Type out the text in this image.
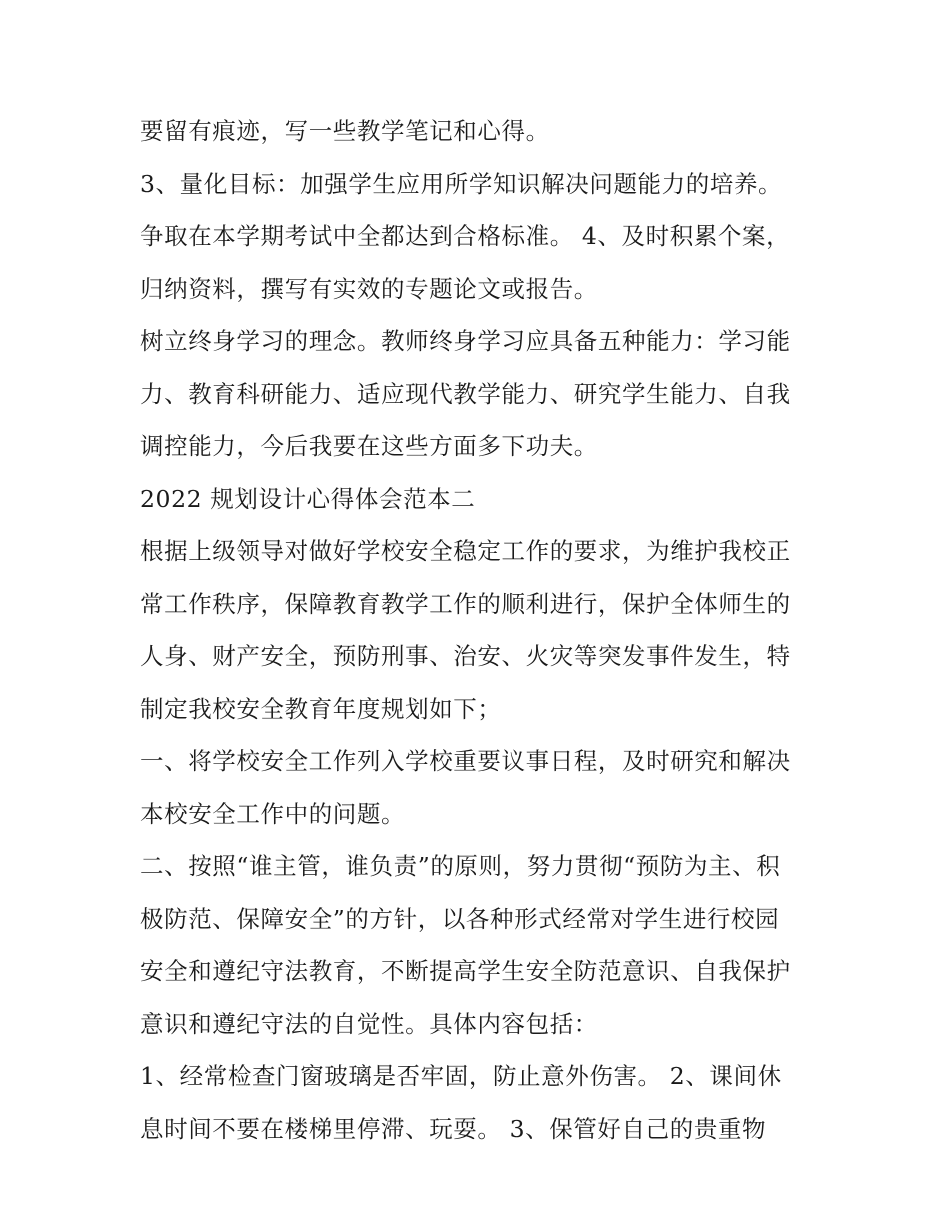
要留有痕迹，写一些教学笔记和心得。
3、量化目标：加强学生应用所学知识解决问题能力的培养。
争取在本学期考试中全都达到合格标准。 4、及时积累个案，
归纳资料，撰写有实效的专题论文或报告。
树立终身学习的理念。教师终身学习应具备五种能力：学习能
力、教育科研能力、适应现代教学能力、研究学生能力、自我
调控能力，今后我要在这些方面多下功夫。
2022 规划设计心得体会范本二
根据上级领导对做好学校安全稳定工作的要求，为维护我校正
常工作秩序，保障教育教学工作的顺利进行，保护全体师生的
人身、财产安全，预防刑事、治安、火灾等突发事件发生，特
制定我校安全教育年度规划如下；
一、将学校安全工作列入学校重要议事日程，及时研究和解决
本校安全工作中的问题。
二、按照“谁主管，谁负责”的原则，努力贯彻“预防为主、积
极防范、保障安全”的方针，以各种形式经常对学生进行校园
安全和遵纪守法教育，不断提高学生安全防范意识、自我保护
意识和遵纪守法的自觉性。具体内容包括：
1、经常检查门窗玻璃是否牢固，防止意外伤害。 2、课间休
息时间不要在楼梯里停滞、玩耍。 3、保管好自己的贵重物
